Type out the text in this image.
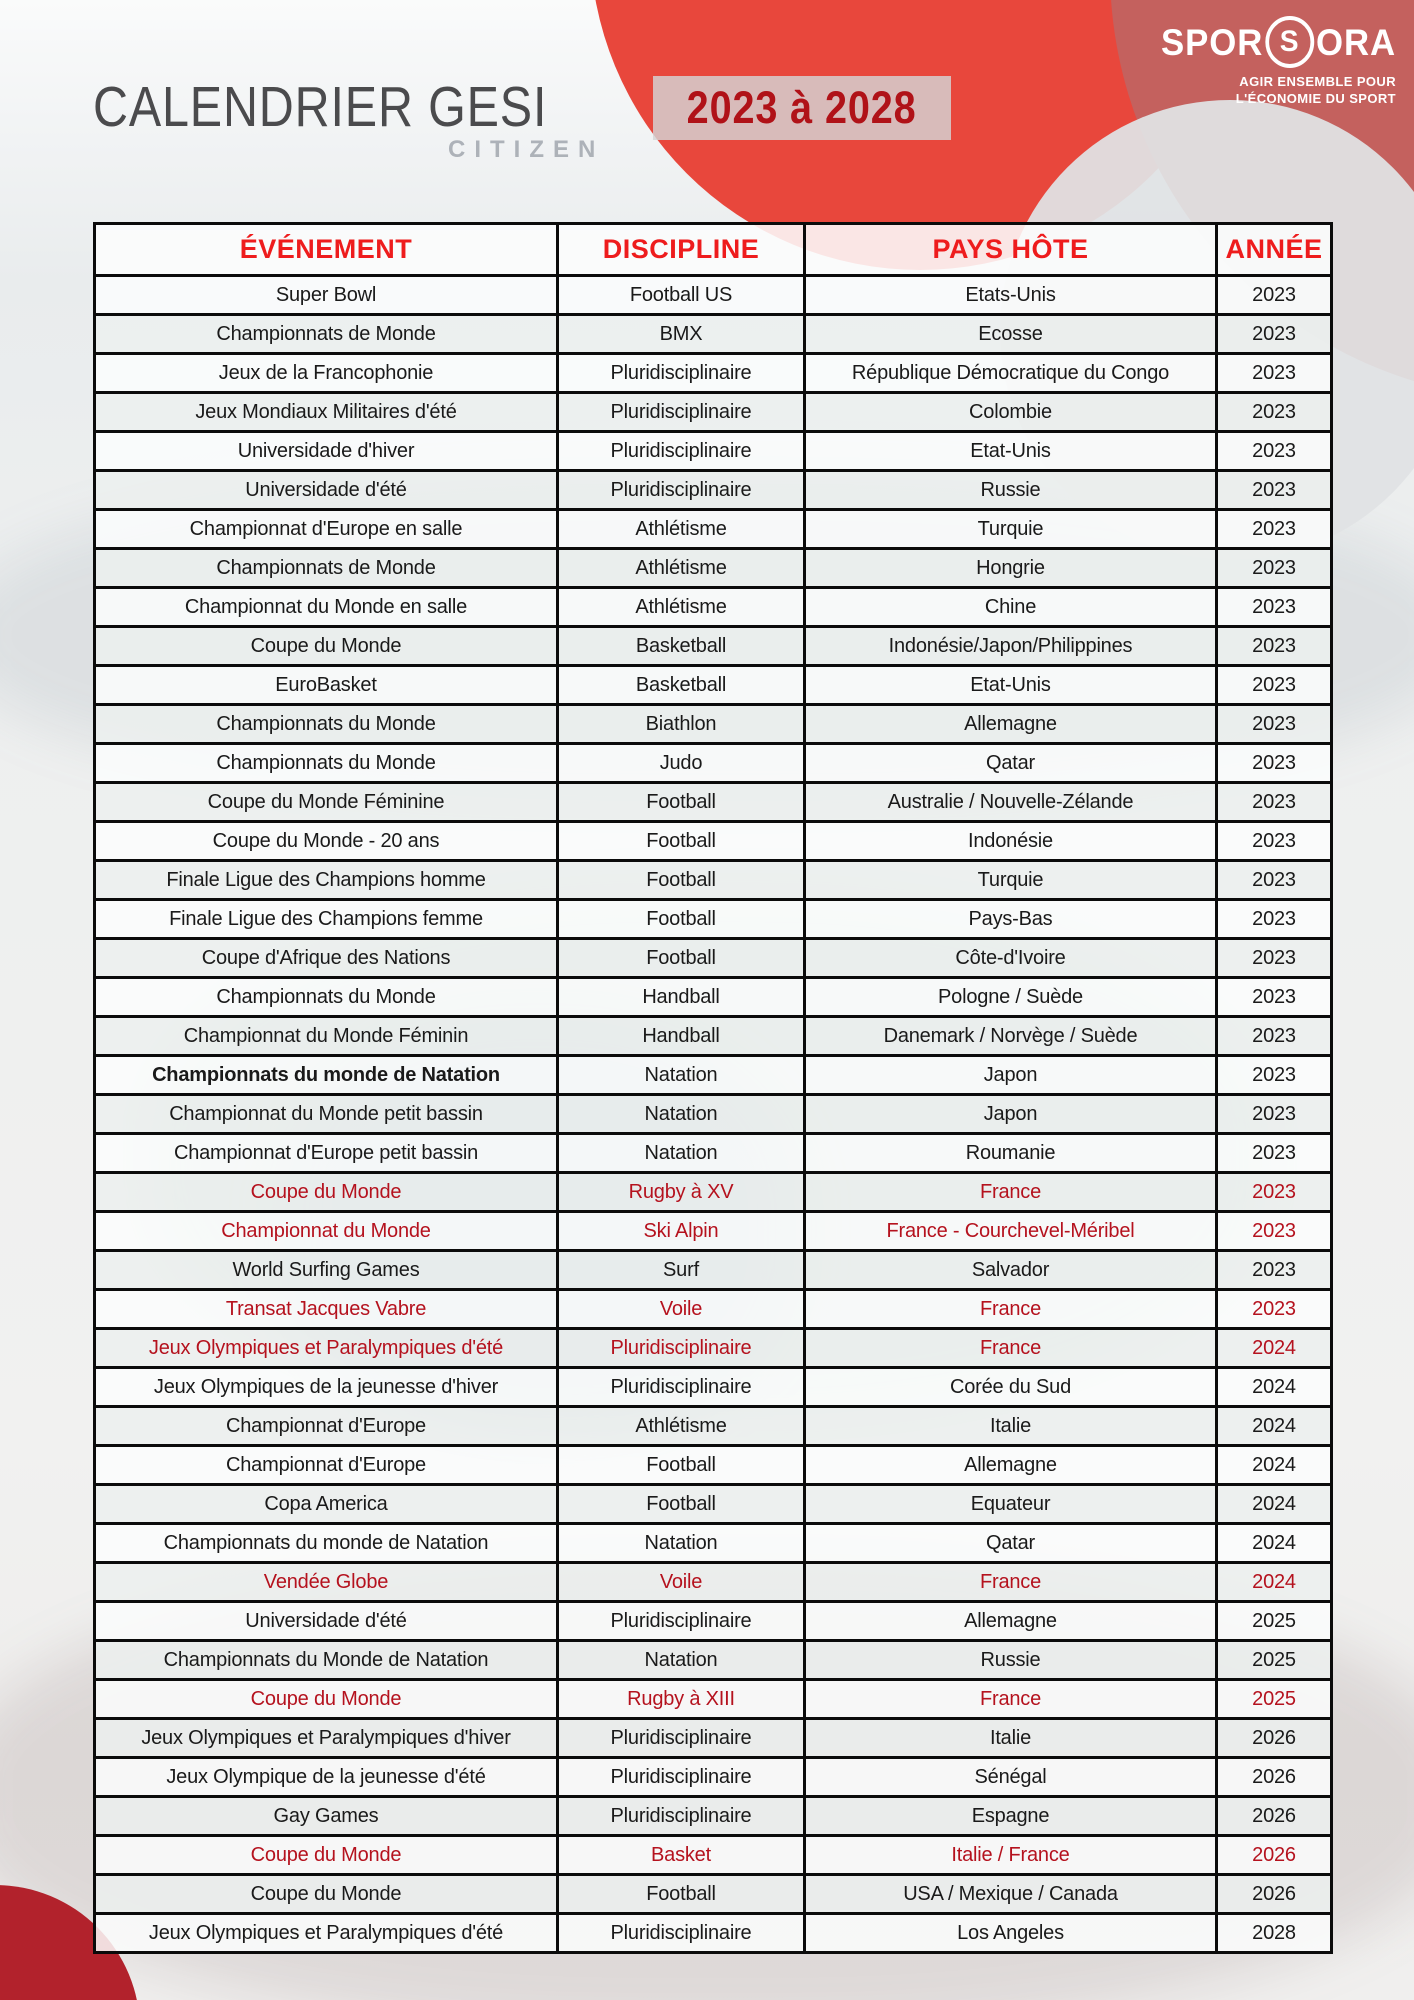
CITIZEN
SPOR S ORA
AGIR ENSEMBLE POUR
L'ÉCONOMIE DU SPORT
CALENDRIER GESI	2023 à 2028
ÉVÉNEMENT	DISCIPLINE	PAYS HÔTE	ANNÉE
Super Bowl	Football US	Etats-Unis	2023
Championnats de Monde	BMX	Ecosse	2023
Jeux de la Francophonie	Pluridisciplinaire	République Démocratique du Congo	2023
Jeux Mondiaux Militaires d'été	Pluridisciplinaire	Colombie	2023
Universidade d'hiver	Pluridisciplinaire	Etat-Unis	2023
Universidade d'été	Pluridisciplinaire	Russie	2023
Championnat d'Europe en salle	Athlétisme	Turquie	2023
Championnats de Monde	Athlétisme	Hongrie	2023
Championnat du Monde en salle	Athlétisme	Chine	2023
Coupe du Monde	Basketball	Indonésie/Japon/Philippines	2023
EuroBasket	Basketball	Etat-Unis	2023
Championnats du Monde	Biathlon	Allemagne	2023
Championnats du Monde	Judo	Qatar	2023
Coupe du Monde Féminine	Football	Australie / Nouvelle-Zélande	2023
Coupe du Monde - 20 ans	Football	Indonésie	2023
Finale Ligue des Champions homme	Football	Turquie	2023
Finale Ligue des Champions femme	Football	Pays-Bas	2023
Coupe d'Afrique des Nations	Football	Côte-d'Ivoire	2023
Championnats du Monde	Handball	Pologne / Suède	2023
Championnat du Monde Féminin	Handball	Danemark / Norvège / Suède	2023
Championnats du monde de Natation	Natation	Japon	2023
Championnat du Monde petit bassin	Natation	Japon	2023
Championnat d'Europe petit bassin	Natation	Roumanie	2023
Coupe du Monde	Rugby à XV	France	2023
Championnat du Monde	Ski Alpin	France - Courchevel-Méribel	2023
World Surfing Games	Surf	Salvador	2023
Transat Jacques Vabre	Voile	France	2023
Jeux Olympiques et Paralympiques d'été	Pluridisciplinaire	France	2024
Jeux Olympiques de la jeunesse d'hiver	Pluridisciplinaire	Corée du Sud	2024
Championnat d'Europe	Athlétisme	Italie	2024
Championnat d'Europe	Football	Allemagne	2024
Copa America	Football	Equateur	2024
Championnats du monde de Natation	Natation	Qatar	2024
Vendée Globe	Voile	France	2024
Universidade d'été	Pluridisciplinaire	Allemagne	2025
Championnats du Monde de Natation	Natation	Russie	2025
Coupe du Monde	Rugby à XIII	France	2025
Jeux Olympiques et Paralympiques d'hiver	Pluridisciplinaire	Italie	2026
Jeux Olympique de la jeunesse d'été	Pluridisciplinaire	Sénégal	2026
Gay Games	Pluridisciplinaire	Espagne	2026
Coupe du Monde	Basket	Italie / France	2026
Coupe du Monde	Football	USA / Mexique / Canada	2026
Jeux Olympiques et Paralympiques d'été	Pluridisciplinaire	Los Angeles	2028
